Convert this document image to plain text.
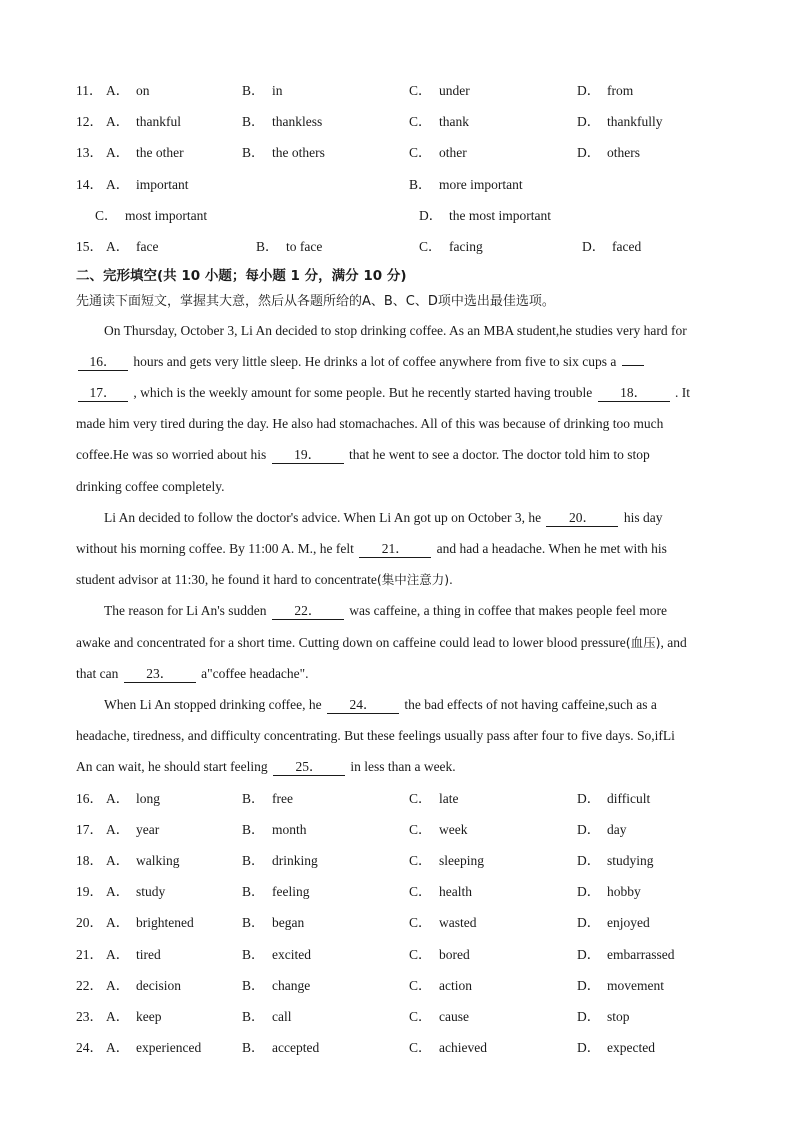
11． A． on	B． in	C． under	D． from
12． A． thankful	B． thankless	C． thank	D． thankfully
13． A． the other	B． the others	C． other	D． others
14． A． important	B． more important
C． most important	D． the most important
15． A． face	B． to face	C． facing	D． faced
二、完形填空(共 10 小题；每小题 1 分，满分 10 分)
先通读下面短文，掌握其大意，然后从各题所给的A、B、C、D项中选出最佳选项。
On Thursday, October 3, Li An decided to stop drinking coffee. As an MBA student,he studies very hard for
16． hours and gets very little sleep. He drinks a lot of coffee anywhere from five to six cups a
17． , which is the weekly amount for some people. But he recently started having trouble 18． . It
made him very tired during the day. He also had stomachaches. All of this was because of drinking too much
coffee.He was so worried about his 19． that he went to see a doctor. The doctor told him to stop
drinking coffee completely.
Li An decided to follow the doctor's advice. When Li An got up on October 3, he 20． his day
without his morning coffee. By 11:00 A. M., he felt 21． and had a headache. When he met with his
student advisor at 11:30, he found it hard to concentrate(集中注意力).
The reason for Li An's sudden 22． was caffeine, a thing in coffee that makes people feel more
awake and concentrated for a short time. Cutting down on caffeine could lead to lower blood pressure(血压), and
that can 23． a"coffee headache".
When Li An stopped drinking coffee, he 24． the bad effects of not having caffeine,such as a
headache, tiredness, and difficulty concentrating. But these feelings usually pass after four to five days. So,ifLi
An can wait, he should start feeling 25． in less than a week.
16． A． long	B． free	C． late	D． difficult
17． A． year	B． month	C． week	D． day
18． A． walking	B． drinking	C． sleeping	D． studying
19． A． study	B． feeling	C． health	D． hobby
20． A． brightened	B． began	C． wasted	D． enjoyed
21． A． tired	B． excited	C． bored	D． embarrassed
22． A． decision	B． change	C． action	D． movement
23． A． keep	B． call	C． cause	D． stop
24． A． experienced	B． accepted	C． achieved	D． expected
